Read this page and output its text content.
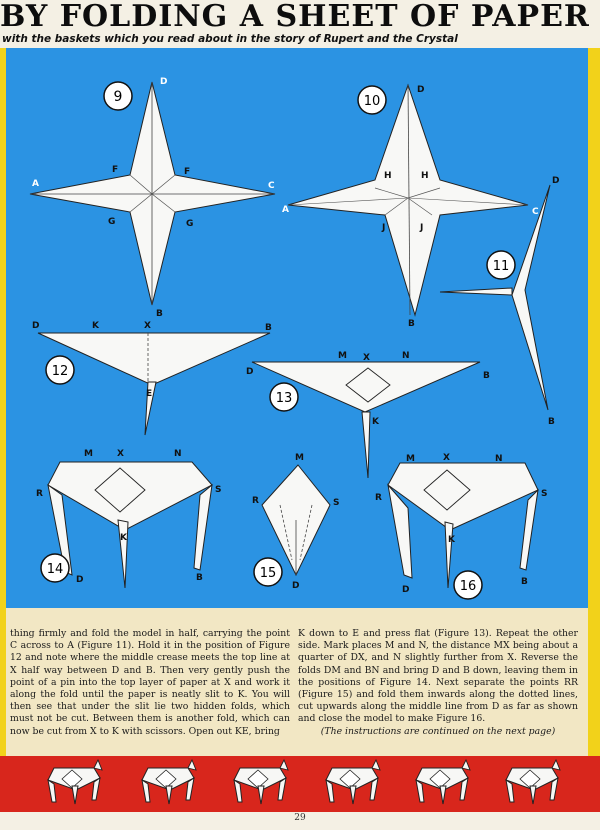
BY FOLDING A SHEET OF PAPER
with the baskets which you read about in the story of Rupert and the Crystal
9
D
A	C
F	F
G	G
B
10
D
A	C
H	H
J	J
B
11
D
B
12
D	K	X	B
E	13
M X	N
D	B
K
14
M	X	N
R	S
K
D	B	15
M
R	S
D	16
M	X	N
R	S
K
D
B
thing firmly and fold the model in half, carrying the point C across to A (Figure 11). Hold it in the position of Figure 12 and note where the middle crease meets the top line at X half way between D and B. Then very gently push the point of a pin into the top layer of paper at X and work it along the fold until the paper is neatly slit to K. You will then see that under the slit lie two hidden folds, which must not be cut. Between them is another fold, which can now be cut from X to K with scissors. Open out KE, bring
K down to E and press flat (Figure 13). Repeat the other side. Mark places M and N, the distance MX being about a quarter of DX, and N slightly further from X. Reverse the folds DM and BN and bring D and B down, leaving them in the positions of Figure 14. Next separate the points RR (Figure 15) and fold them inwards along the dotted lines, cut upwards along the middle line from D as far as shown and close the model to make Figure 16.
(The instructions are continued on the next page)
29
